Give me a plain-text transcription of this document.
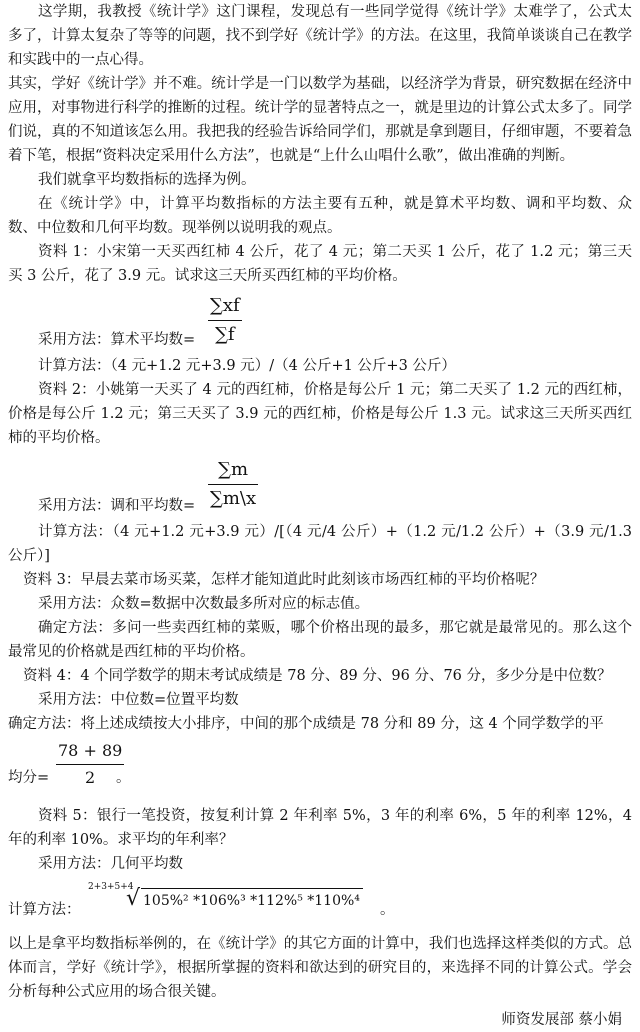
这学期，我教授《统计学》这门课程，发现总有一些同学觉得《统计学》太难学了，公式太多了，计算太复杂了等等的问题，找不到学好《统计学》的方法。在这里，我简单谈谈自己在教学和实践中的一点心得。

其实，学好《统计学》并不难。统计学是一门以数学为基础，以经济学为背景，研究数据在经济中应用，对事物进行科学的推断的过程。统计学的显著特点之一，就是里边的计算公式太多了。同学们说，真的不知道该怎么用。我把我的经验告诉给同学们，那就是拿到题目，仔细审题，不要着急着下笔，根据“资料决定采用什么方法”，也就是“上什么山唱什么歌”，做出准确的判断。

我们就拿平均数指标的选择为例。

在《统计学》中，计算平均数指标的方法主要有五种，就是算术平均数、调和平均数、众数、中位数和几何平均数。现举例以说明我的观点。

资料 1：小宋第一天买西红柿 4 公斤，花了 4 元；第二天买 1 公斤，花了 1.2 元；第三天买 3 公斤，花了 3.9 元。试求这三天所买西红柿的平均价格。

采用方法：算术平均数= $\frac{\sum xf}{\sum f}$

计算方法：（4 元+1.2 元+3.9 元）/（4 公斤+1 公斤+3 公斤）

资料 2：小姚第一天买了 4 元的西红柿，价格是每公斤 1 元；第二天买了 1.2 元的西红柿，价格是每公斤 1.2 元；第三天买了 3.9 元的西红柿，价格是每公斤 1.3 元。试求这三天所买西红柿的平均价格。

采用方法：调和平均数= $\frac{\sum m}{\sum m\backslash x}$

计算方法：（4 元+1.2 元+3.9 元）/[（4 元/4 公斤）+（1.2 元/1.2 公斤）+（3.9 元/1.3 公斤）]

资料 3：早晨去菜市场买菜，怎样才能知道此时此刻该市场西红柿的平均价格呢？

采用方法：众数=数据中次数最多所对应的标志值。

确定方法：多问一些卖西红柿的菜贩，哪个价格出现的最多，那它就是最常见的。那么这个最常见的价格就是西红柿的平均价格。

资料 4：4 个同学数学的期末考试成绩是 78 分、89 分、96 分、76 分，多少分是中位数？

采用方法：中位数=位置平均数

确定方法：将上述成绩按大小排序，中间的那个成绩是 78 分和 89 分，这 4 个同学数学的平

均分= $\frac{78 + 89}{2}$
。

资料 5：银行一笔投资，按复利计算 2 年利率 5%，3 年的利率 6%，5 年的利率 12%，4 年的利率 10%。求平均的年利率？

采用方法：几何平均数

计算方法：
2+3+5+4
√ 105%² *106%³ *112%⁵ *110%⁴
。

以上是拿平均数指标举例的，在《统计学》的其它方面的计算中，我们也选择这样类似的方式。总体而言，学好《统计学》，根据所掌握的资料和欲达到的研究目的，来选择不同的计算公式。学会分析每种公式应用的场合很关键。

师资发展部 蔡小娟
